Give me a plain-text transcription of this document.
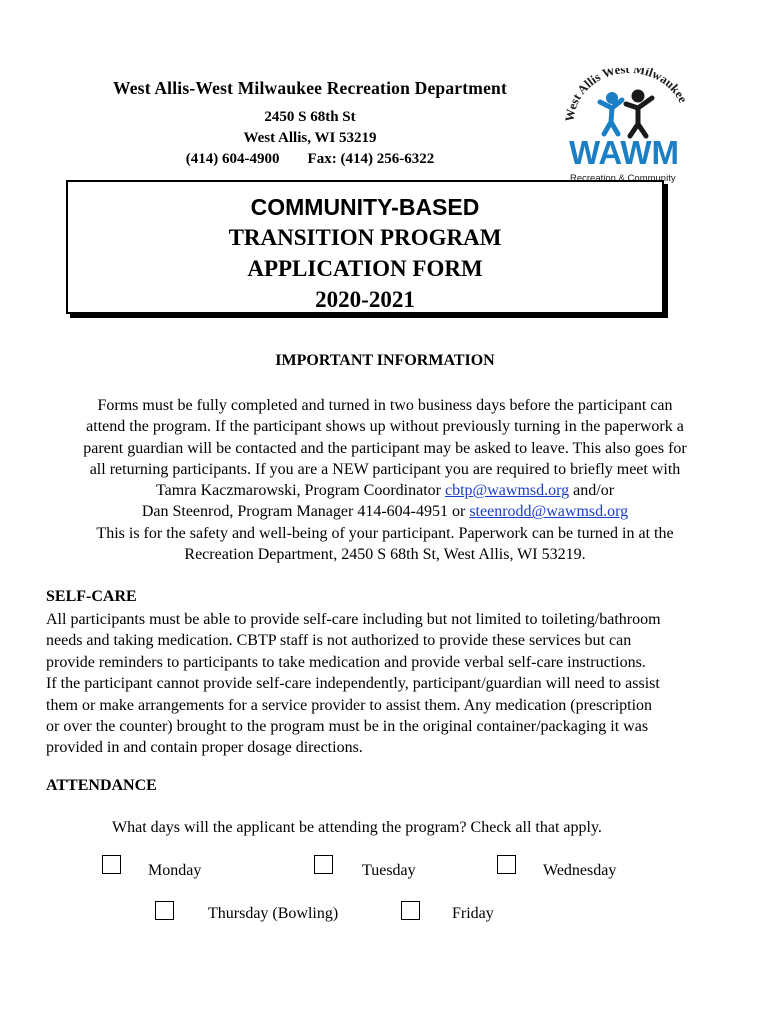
West Allis-West Milwaukee Recreation Department
2450 S 68th St
West Allis, WI 53219
(414) 604-4900 Fax: (414) 256-6322
West Allis West Milwaukee
WAWM
Recreation & Community
COMMUNITY-BASED
TRANSITION PROGRAM
APPLICATION FORM
2020-2021
IMPORTANT INFORMATION
Forms must be fully completed and turned in two business days before the participant can
attend the program. If the participant shows up without previously turning in the paperwork a
parent guardian will be contacted and the participant may be asked to leave. This also goes for
all returning participants. If you are a NEW participant you are required to briefly meet with
Tamra Kaczmarowski, Program Coordinator cbtp@wawmsd.org and/or
Dan Steenrod, Program Manager 414-604-4951 or steenrodd@wawmsd.org
This is for the safety and well-being of your participant. Paperwork can be turned in at the
Recreation Department, 2450 S 68th St, West Allis, WI 53219.
SELF-CARE
All participants must be able to provide self-care including but not limited to toileting/bathroom
needs and taking medication. CBTP staff is not authorized to provide these services but can
provide reminders to participants to take medication and provide verbal self-care instructions.
If the participant cannot provide self-care independently, participant/guardian will need to assist
them or make arrangements for a service provider to assist them. Any medication (prescription
or over the counter) brought to the program must be in the original container/packaging it was
provided in and contain proper dosage directions.
ATTENDANCE
What days will the applicant be attending the program? Check all that apply.
Monday	Tuesday	Wednesday
Thursday (Bowling)	Friday
